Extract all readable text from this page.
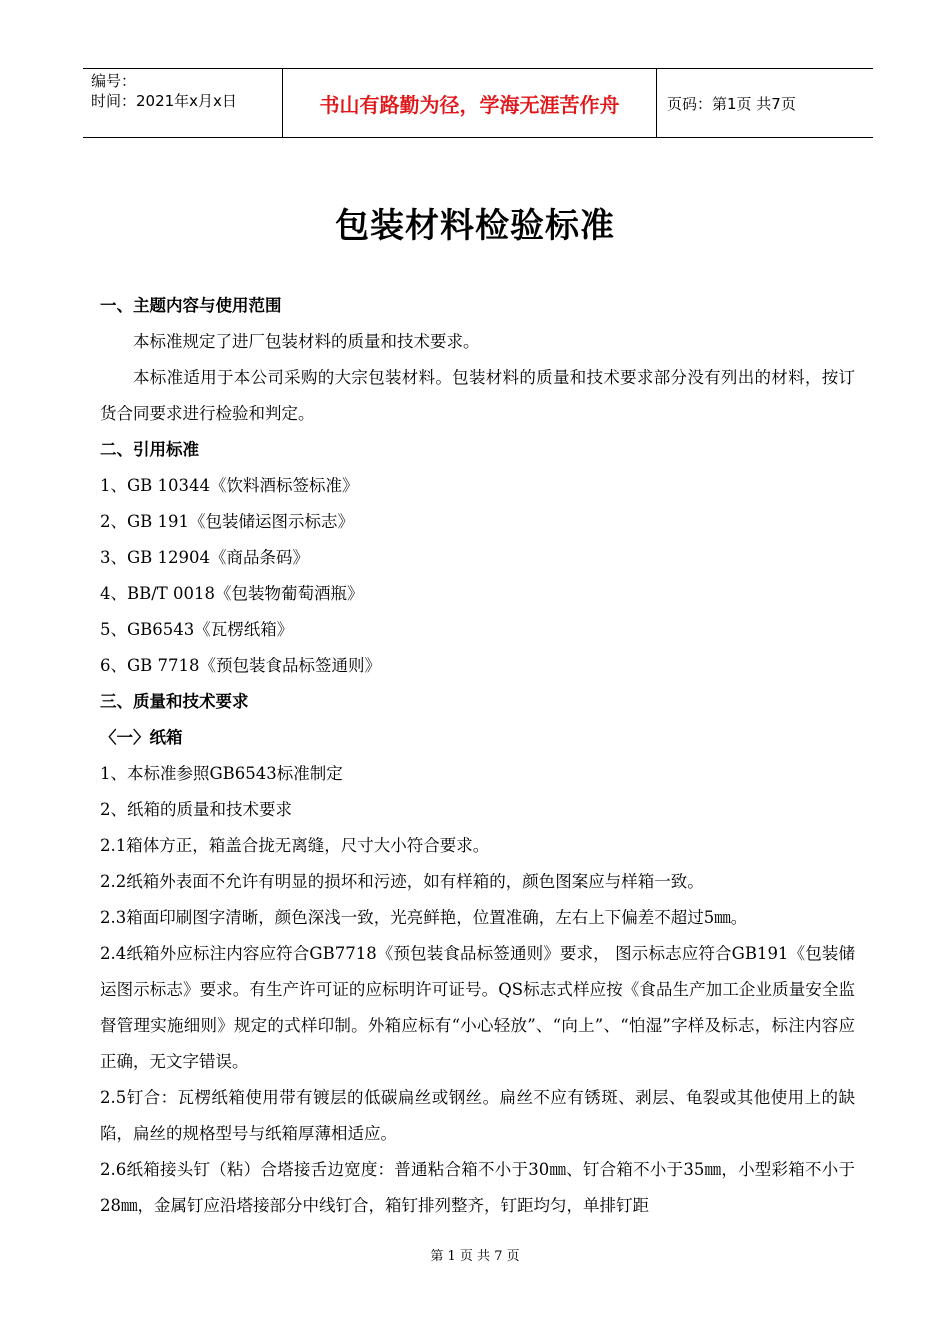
编号：
时间：2021年x月x日	书山有路勤为径，学海无涯苦作舟	页码：第1页 共7页
包装材料检验标准

一、主题内容与使用范围

本标准规定了进厂包装材料的质量和技术要求。

本标准适用于本公司采购的大宗包装材料。包装材料的质量和技术要求部分没有列出的材料，按订货合同要求进行检验和判定。

二、引用标准

1、GB 10344《饮料酒标签标准》

2、GB 191《包装储运图示标志》

3、GB 12904《商品条码》

4、BB/T 0018《包装物葡萄酒瓶》

5、GB6543《瓦楞纸箱》

6、GB 7718《预包装食品标签通则》

三、质量和技术要求

〈一〉纸箱

1、本标准参照GB6543标准制定

2、纸箱的质量和技术要求

2.1箱体方正，箱盖合拢无离缝，尺寸大小符合要求。

2.2纸箱外表面不允许有明显的损坏和污迹，如有样箱的，颜色图案应与样箱一致。

2.3箱面印刷图字清晰，颜色深浅一致，光亮鲜艳，位置准确，左右上下偏差不超过5㎜。

2.4纸箱外应标注内容应符合GB7718《预包装食品标签通则》要求， 图示标志应符合GB191《包装储运图示标志》要求。有生产许可证的应标明许可证号。QS标志式样应按《食品生产加工企业质量安全监督管理实施细则》规定的式样印制。外箱应标有“小心轻放”、“向上”、“怕湿”字样及标志，标注内容应正确，无文字错误。

2.5钉合：瓦楞纸箱使用带有镀层的低碳扁丝或钢丝。扁丝不应有锈斑、剥层、龟裂或其他使用上的缺陷，扁丝的规格型号与纸箱厚薄相适应。

2.6纸箱接头钉（粘）合塔接舌边宽度：普通粘合箱不小于30㎜、钉合箱不小于35㎜，小型彩箱不小于28㎜，金属钉应沿塔接部分中线钉合，箱钉排列整齐，钉距均匀，单排钉距

第 1 页 共 7 页
